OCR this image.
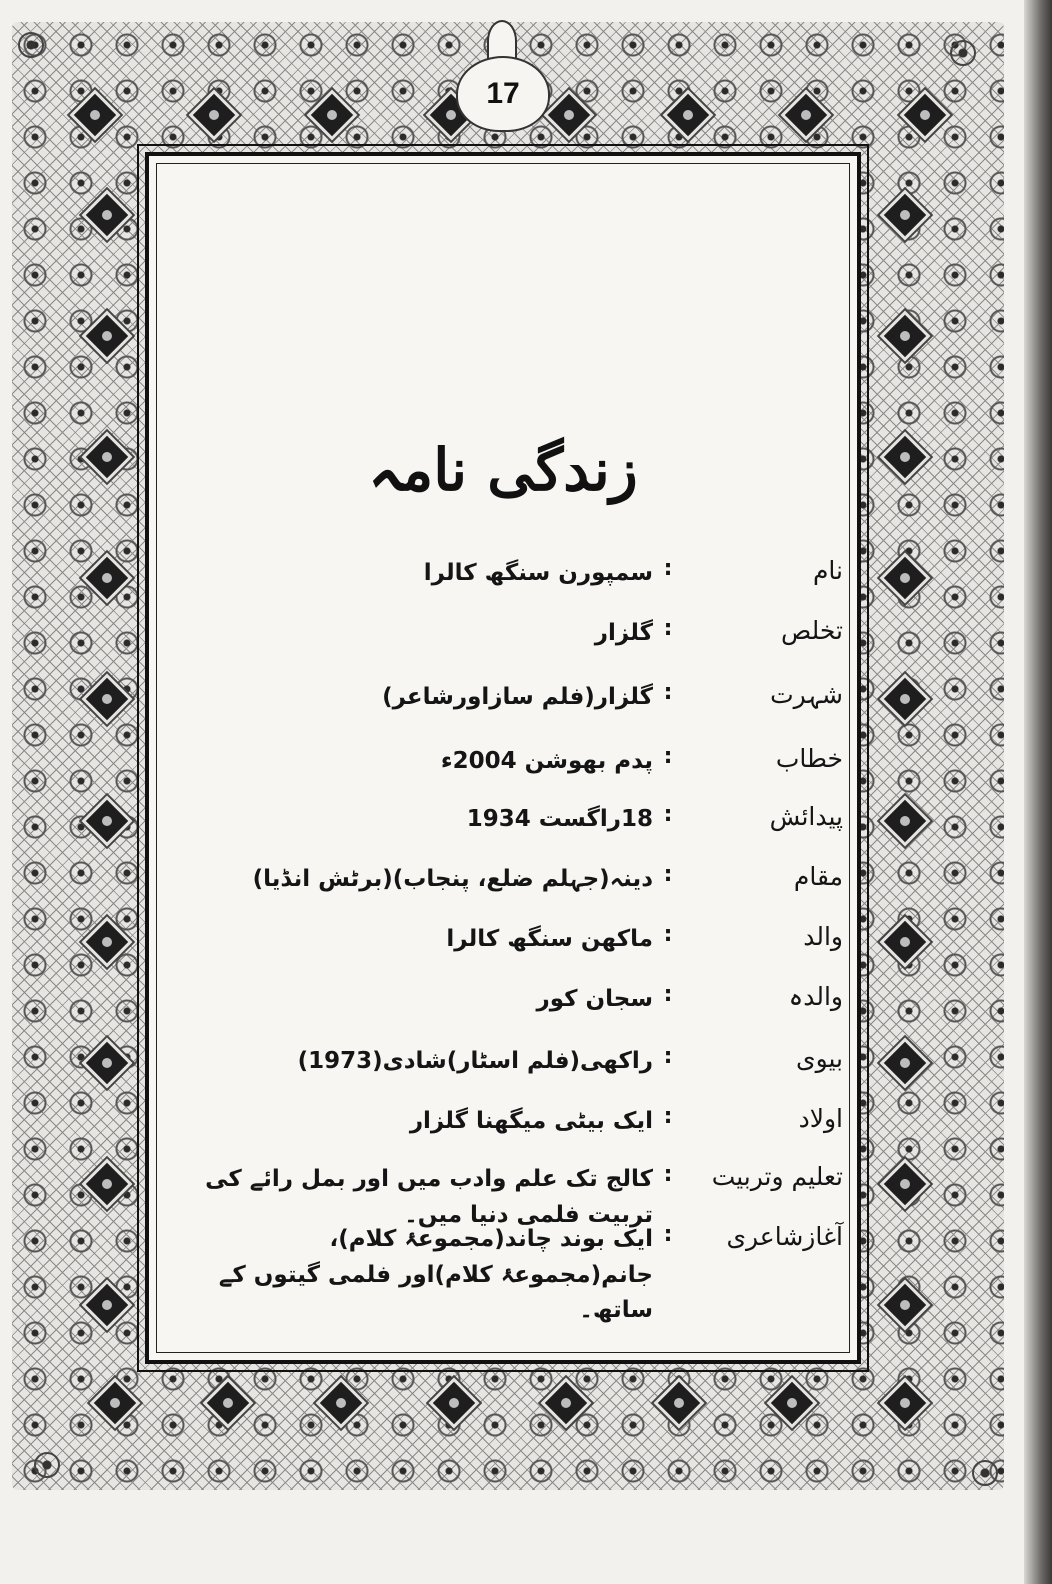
17
زندگی نامہ
نام
:
سمپورن سنگھ کالرا
تخلص
:
گلزار
شہرت
:
گلزار(فلم سازاورشاعر)
خطاب
:
پدم بھوشن 2004ء
پیدائش
:
18راگست 1934
مقام
:
دینہ(جہلم ضلع، پنجاب)(برٹش انڈیا)
والد
:
ماکھن سنگھ کالرا
والدہ
:
سجان کور
بیوی
:
راکھی(فلم اسٹار)شادی(1973)
اولاد
:
ایک بیٹی میگھنا گلزار
تعلیم وتربیت
:
کالج تک علم وادب میں اور بمل رائے کی تربیت فلمی دنیا میں۔
آغازشاعری
:
ایک بوند چاند(مجموعۂ کلام)، جانم(مجموعۂ کلام)اور فلمی گیتوں کے ساتھ۔
